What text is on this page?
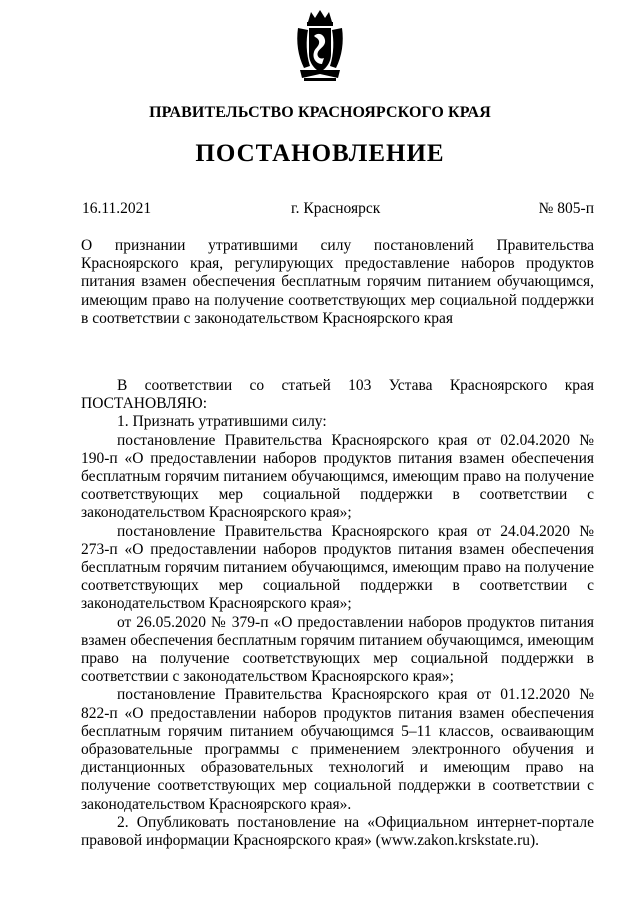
ПРАВИТЕЛЬСТВО КРАСНОЯРСКОГО КРАЯ
ПОСТАНОВЛЕНИЕ
16.11.2021	г. Красноярск	№ 805-п
О признании утратившими силу постановлений Правительства Красноярского края, регулирующих предоставление наборов продуктов питания взамен обеспечения бесплатным горячим питанием обучающимся, имеющим право на получение соответствующих мер социальной поддержки в соответствии с законодательством Красноярского края

В соответствии со статьей 103 Устава Красноярского края ПОСТАНОВЛЯЮ:

1. Признать утратившими силу:

постановление Правительства Красноярского края от 02.04.2020 № 190-п «О предоставлении наборов продуктов питания взамен обеспечения бесплатным горячим питанием обучающимся, имеющим право на получение соответствующих мер социальной поддержки в соответствии с законодательством Красноярского края»;

постановление Правительства Красноярского края от 24.04.2020 № 273-п «О предоставлении наборов продуктов питания взамен обеспечения бесплатным горячим питанием обучающимся, имеющим право на получение соответствующих мер социальной поддержки в соответствии с законодательством Красноярского края»;

от 26.05.2020 № 379-п «О предоставлении наборов продуктов питания взамен обеспечения бесплатным горячим питанием обучающимся, имеющим право на получение соответствующих мер социальной поддержки в соответствии с законодательством Красноярского края»;

постановление Правительства Красноярского края от 01.12.2020 № 822-п «О предоставлении наборов продуктов питания взамен обеспечения бесплатным горячим питанием обучающимся 5–11 классов, осваивающим образовательные программы с применением электронного обучения и дистанционных образовательных технологий и имеющим право на получение соответствующих мер социальной поддержки в соответствии с законодательством Красноярского края».

2. Опубликовать постановление на «Официальном интернет-портале правовой информации Красноярского края» (www.zakon.krskstate.ru).
